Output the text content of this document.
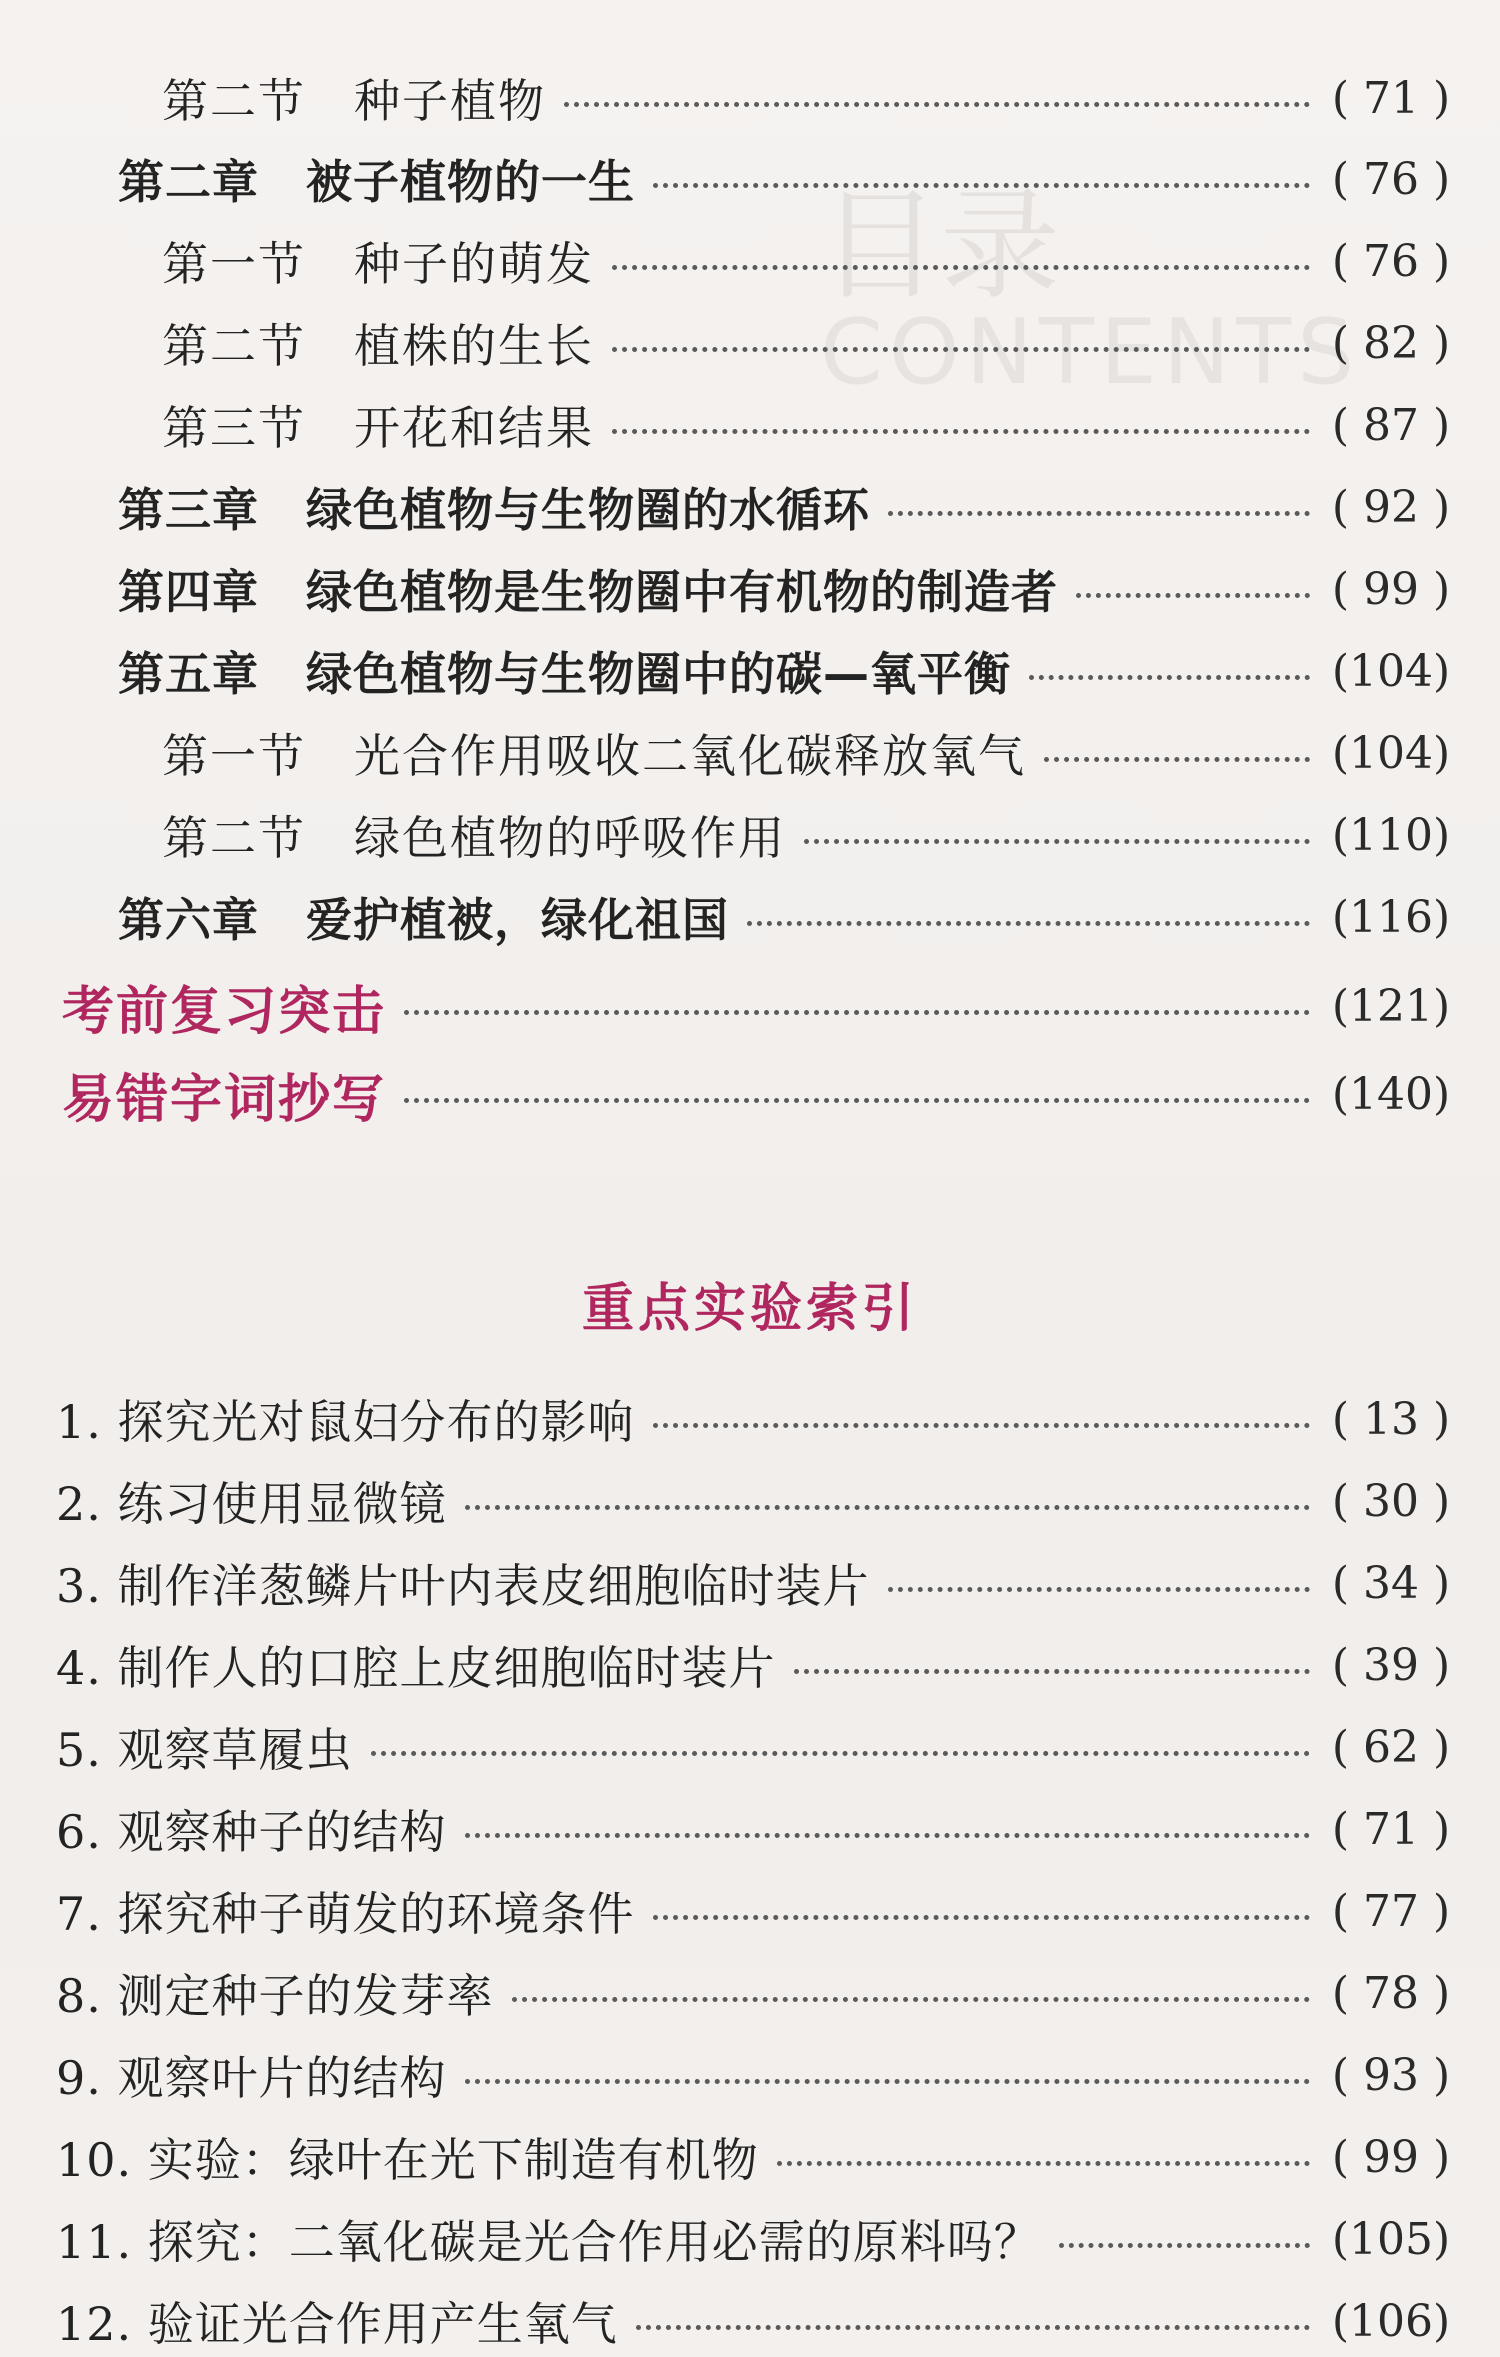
目录
CONTENTS
第二节　种子植物	( 71 )
第二章　被子植物的一生	( 76 )
第一节　种子的萌发	( 76 )
第二节　植株的生长	( 82 )
第三节　开花和结果	( 87 )
第三章　绿色植物与生物圈的水循环	( 92 )
第四章　绿色植物是生物圈中有机物的制造者	( 99 )
第五章　绿色植物与生物圈中的碳—氧平衡	(104)
第一节　光合作用吸收二氧化碳释放氧气	(104)
第二节　绿色植物的呼吸作用	(110)
第六章　爱护植被，绿化祖国	(116)
考前复习突击	(121)
易错字词抄写	(140)
重点实验索引
1. 探究光对鼠妇分布的影响	( 13 )
2. 练习使用显微镜	( 30 )
3. 制作洋葱鳞片叶内表皮细胞临时装片	( 34 )
4. 制作人的口腔上皮细胞临时装片	( 39 )
5. 观察草履虫	( 62 )
6. 观察种子的结构	( 71 )
7. 探究种子萌发的环境条件	( 77 )
8. 测定种子的发芽率	( 78 )
9. 观察叶片的结构	( 93 )
10. 实验：绿叶在光下制造有机物	( 99 )
11. 探究：二氧化碳是光合作用必需的原料吗？	(105)
12. 验证光合作用产生氧气	(106)
